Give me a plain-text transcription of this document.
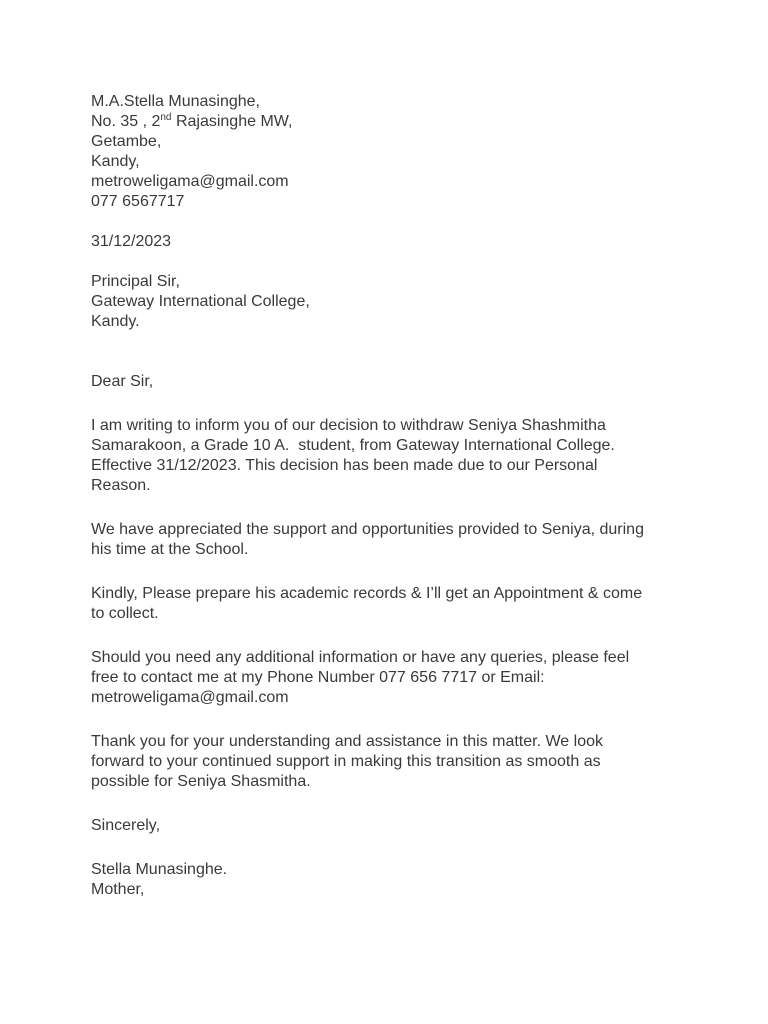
M.A.Stella Munasinghe,
No. 35 , 2nd Rajasinghe MW,
Getambe,
Kandy,
metroweligama@gmail.com
077 6567717
31/12/2023
Principal Sir,
Gateway International College,
Kandy.
Dear Sir,
I am writing to inform you of our decision to withdraw Seniya Shashmitha
Samarakoon, a Grade 10 A.  student, from Gateway International College.
Effective 31/12/2023. This decision has been made due to our Personal
Reason.
We have appreciated the support and opportunities provided to Seniya, during
his time at the School.
Kindly, Please prepare his academic records & I’ll get an Appointment & come
to collect.
Should you need any additional information or have any queries, please feel
free to contact me at my Phone Number 077 656 7717 or Email:
metroweligama@gmail.com
Thank you for your understanding and assistance in this matter. We look
forward to your continued support in making this transition as smooth as
possible for Seniya Shasmitha.
Sincerely,
Stella Munasinghe.
Mother,
